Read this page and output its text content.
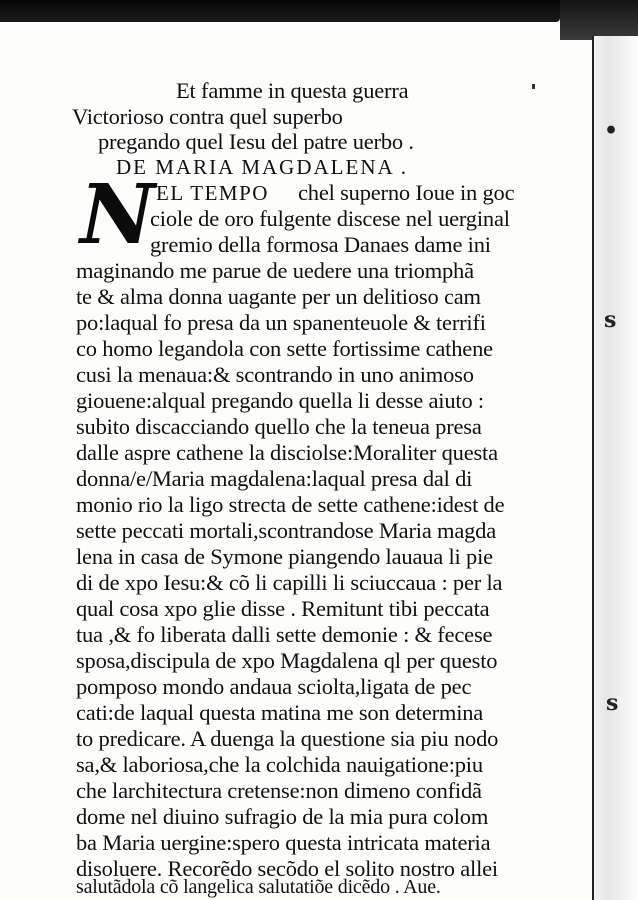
•
s
s
Et famme in questa guerra
Victorioso contra quel superbo
pregando quel Iesu del patre uerbo .
DE MARIA MAGDALENA .
N EL TEMPO chel superno Ioue in goc
ciole de oro fulgente discese nel uerginal
gremio della formosa Danaes dame ini
maginando me parue de uedere una triomphã
te & alma donna uagante per un delitioso cam
po:laqual fo presa da un spanenteuole & terrifi
co homo legandola con sette fortissime cathene
cusi la menaua:& scontrando in uno animoso
giouene:alqual pregando quella li desse aiuto :
subito discacciando quello che la teneua presa
dalle aspre cathene la disciolse:Moraliter questa
donna/e/Maria magdalena:laqual presa dal di
monio rio la ligo strecta de sette cathene:idest de
sette peccati mortali,scontrandose Maria magda
lena in casa de Symone piangendo lauaua li pie
di de xpo Iesu:& cõ li capilli li sciuccaua : per la
qual cosa xpo glie disse . Remitunt tibi peccata
tua ,& fo liberata dalli sette demonie : & fecese
sposa,discipula de xpo Magdalena ql per questo
pomposo mondo andaua sciolta,ligata de pec
cati:de laqual questa matina me son determina
to predicare. A duenga la questione sia piu nodo
sa,& laboriosa,che la colchida nauigatione:piu
che larchitectura cretense:non dimeno confidã
dome nel diuino sufragio de la mia pura colom
ba Maria uergine:spero questa intricata materia
disoluere. Recorẽdo secõdo el solito nostro allei
salutãdola cõ langelica salutatiõe dicẽdo . Aue.
